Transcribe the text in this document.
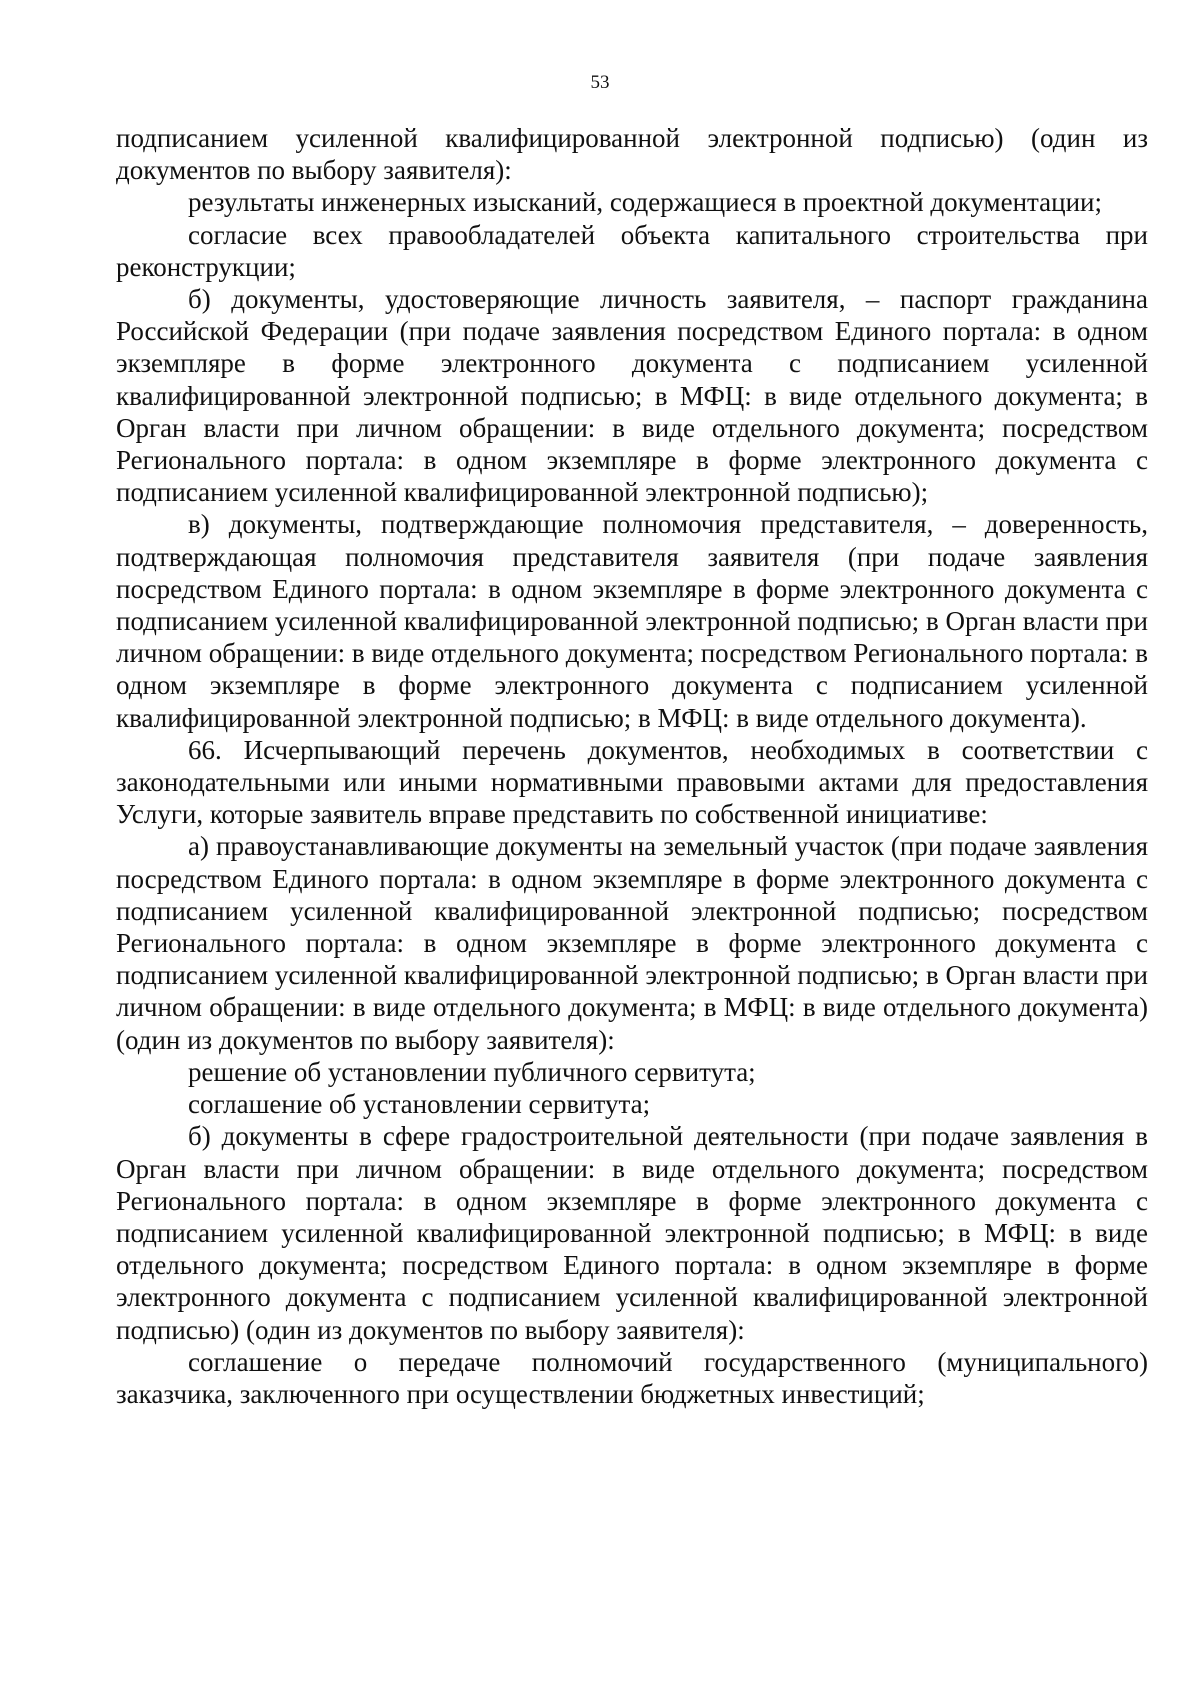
53

подписанием усиленной квалифицированной электронной подписью) (один из документов по выбору заявителя):

результаты инженерных изысканий, содержащиеся в проектной документации;

согласие всех правообладателей объекта капитального строительства при реконструкции;

б) документы, удостоверяющие личность заявителя, – паспорт гражданина Российской Федерации (при подаче заявления посредством Единого портала: в одном экземпляре в форме электронного документа с подписанием усиленной квалифицированной электронной подписью; в МФЦ: в виде отдельного документа; в Орган власти при личном обращении: в виде отдельного документа; посредством Регионального портала: в одном экземпляре в форме электронного документа с подписанием усиленной квалифицированной электронной подписью);

в) документы, подтверждающие полномочия представителя, – доверенность, подтверждающая полномочия представителя заявителя (при подаче заявления посредством Единого портала: в одном экземпляре в форме электронного документа с подписанием усиленной квалифицированной электронной подписью; в Орган власти при личном обращении: в виде отдельного документа; посредством Регионального портала: в одном экземпляре в форме электронного документа с подписанием усиленной квалифицированной электронной подписью; в МФЦ: в виде отдельного документа).

66. Исчерпывающий перечень документов, необходимых в соответствии с законодательными или иными нормативными правовыми актами для предоставления Услуги, которые заявитель вправе представить по собственной инициативе:

а) правоустанавливающие документы на земельный участок (при подаче заявления посредством Единого портала: в одном экземпляре в форме электронного документа с подписанием усиленной квалифицированной электронной подписью; посредством Регионального портала: в одном экземпляре в форме электронного документа с подписанием усиленной квалифицированной электронной подписью; в Орган власти при личном обращении: в виде отдельного документа; в МФЦ: в виде отдельного документа) (один из документов по выбору заявителя):

решение об установлении публичного сервитута;

соглашение об установлении сервитута;

б) документы в сфере градостроительной деятельности (при подаче заявления в Орган власти при личном обращении: в виде отдельного документа; посредством Регионального портала: в одном экземпляре в форме электронного документа с подписанием усиленной квалифицированной электронной подписью; в МФЦ: в виде отдельного документа; посредством Единого портала: в одном экземпляре в форме электронного документа с подписанием усиленной квалифицированной электронной подписью) (один из документов по выбору заявителя):

соглашение о передаче полномочий государственного (муниципального) заказчика, заключенного при осуществлении бюджетных инвестиций;
